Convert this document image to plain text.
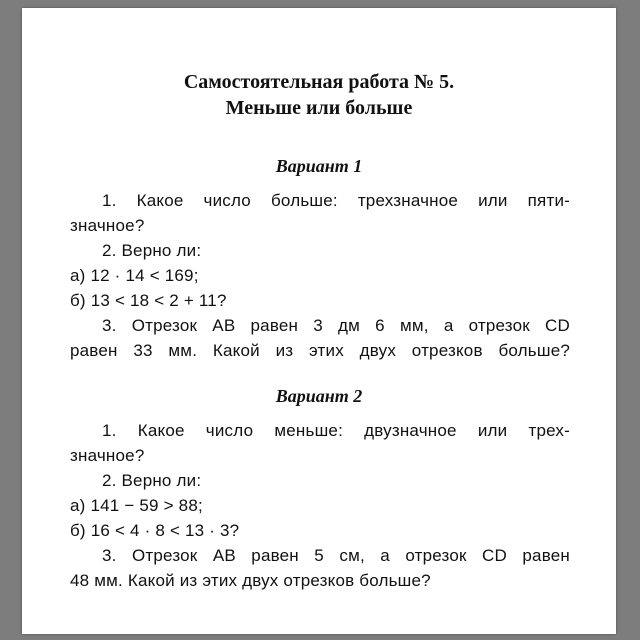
Самостоятельная работа № 5.
Меньше или больше
Вариант 1
1. Какое число больше: трехзначное или пяти-
значное?
2. Верно ли:
а) 12 · 14 < 169;
б) 13 < 18 < 2 + 11?
3. Отрезок AB равен 3 дм 6 мм, а отрезок CD
равен 33 мм. Какой из этих двух отрезков больше?
Вариант 2
1. Какое число меньше: двузначное или трех-
значное?
2. Верно ли:
а) 141 − 59 > 88;
б) 16 < 4 · 8 < 13 · 3?
3. Отрезок AB равен 5 см, а отрезок CD равен
48 мм. Какой из этих двух отрезков больше?
